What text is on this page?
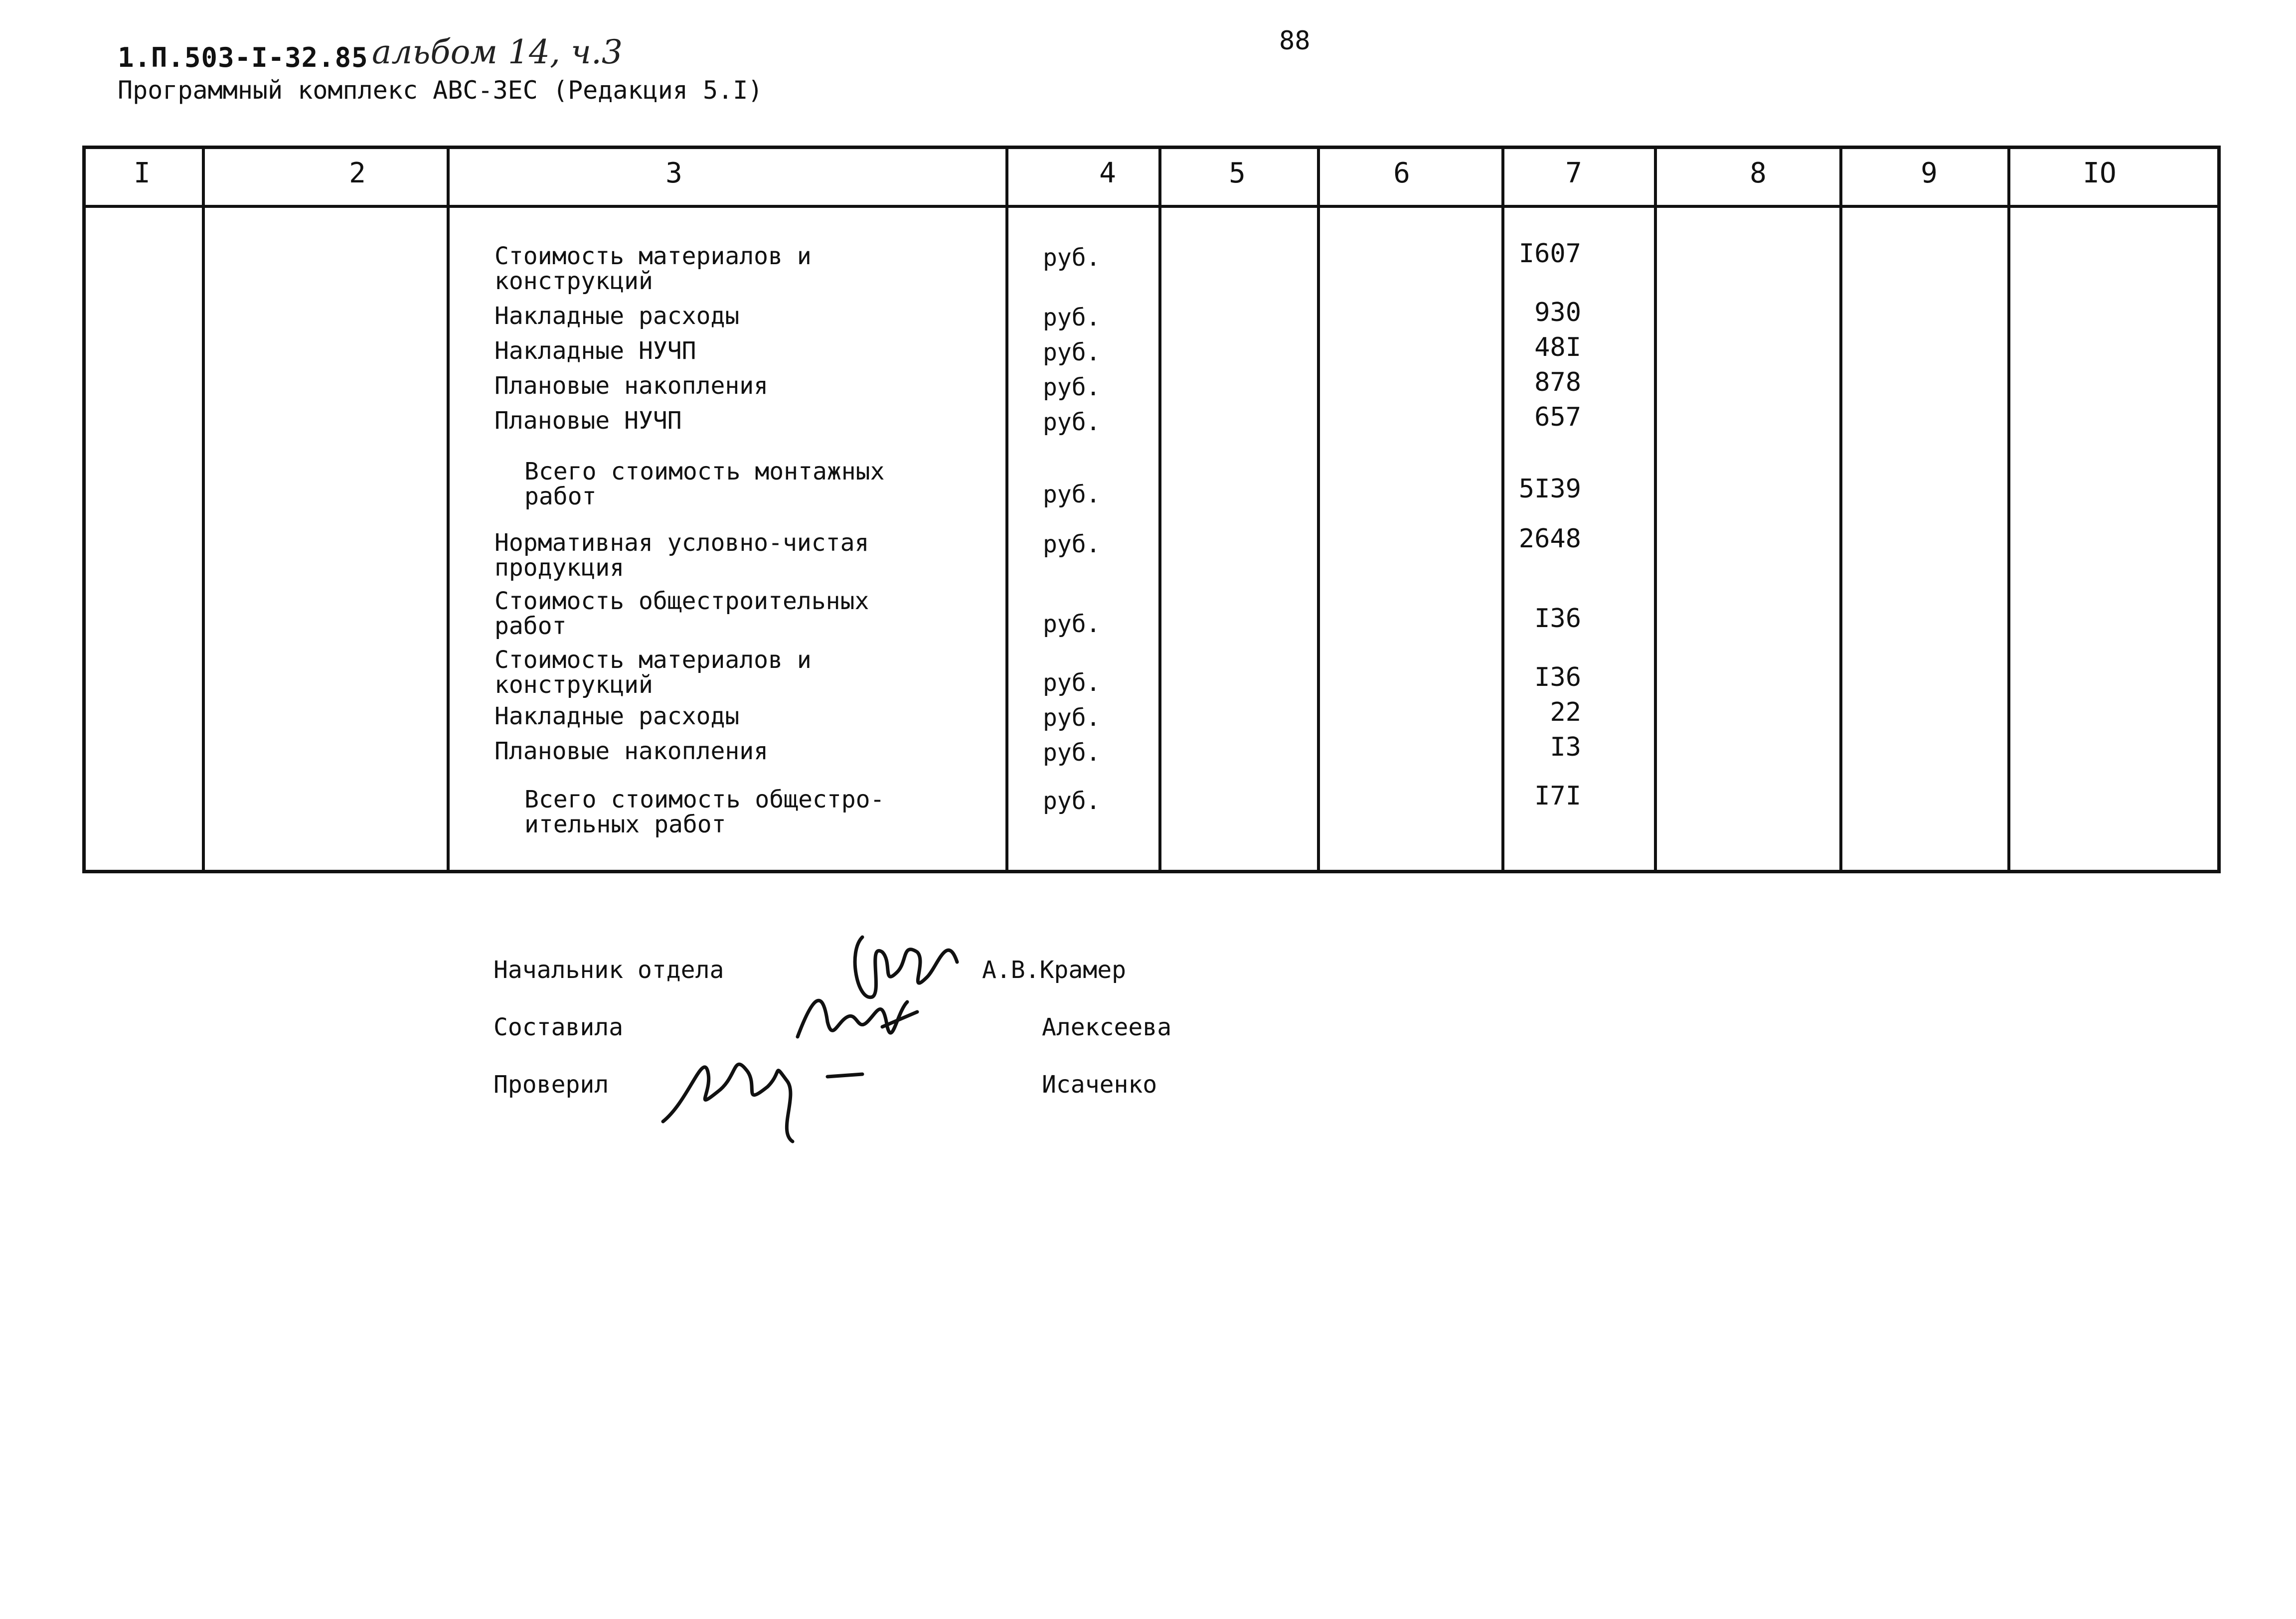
1.П.503-I-32.85 альбом 14, ч.3	88
Программный комплекс АВС-3ЕС (Редакция 5.I)
I	2	3	4	5	6	7	8	9	IO
Стоимость материалов и
конструкций
руб.	I607
Накладные расходы	руб.	930
Накладные НУЧП	руб.	48I
Плановые накопления	руб.	878
Плановые НУЧП	руб.	657
Всего стоимость монтажных
работ	руб.	5I39
Нормативная условно-чистая
продукция
руб.	2648
Стоимость общестроительных
работ	руб.	I36
Стоимость материалов и
конструкций	руб.	I36
Накладные расходы	руб.	22
Плановые накопления	руб.	I3
Всего стоимость общестро-
ительных работ
руб.	I7I
Начальник отдела	А.В.Крамер
Составила	Алексеева
Проверил	Исаченко
